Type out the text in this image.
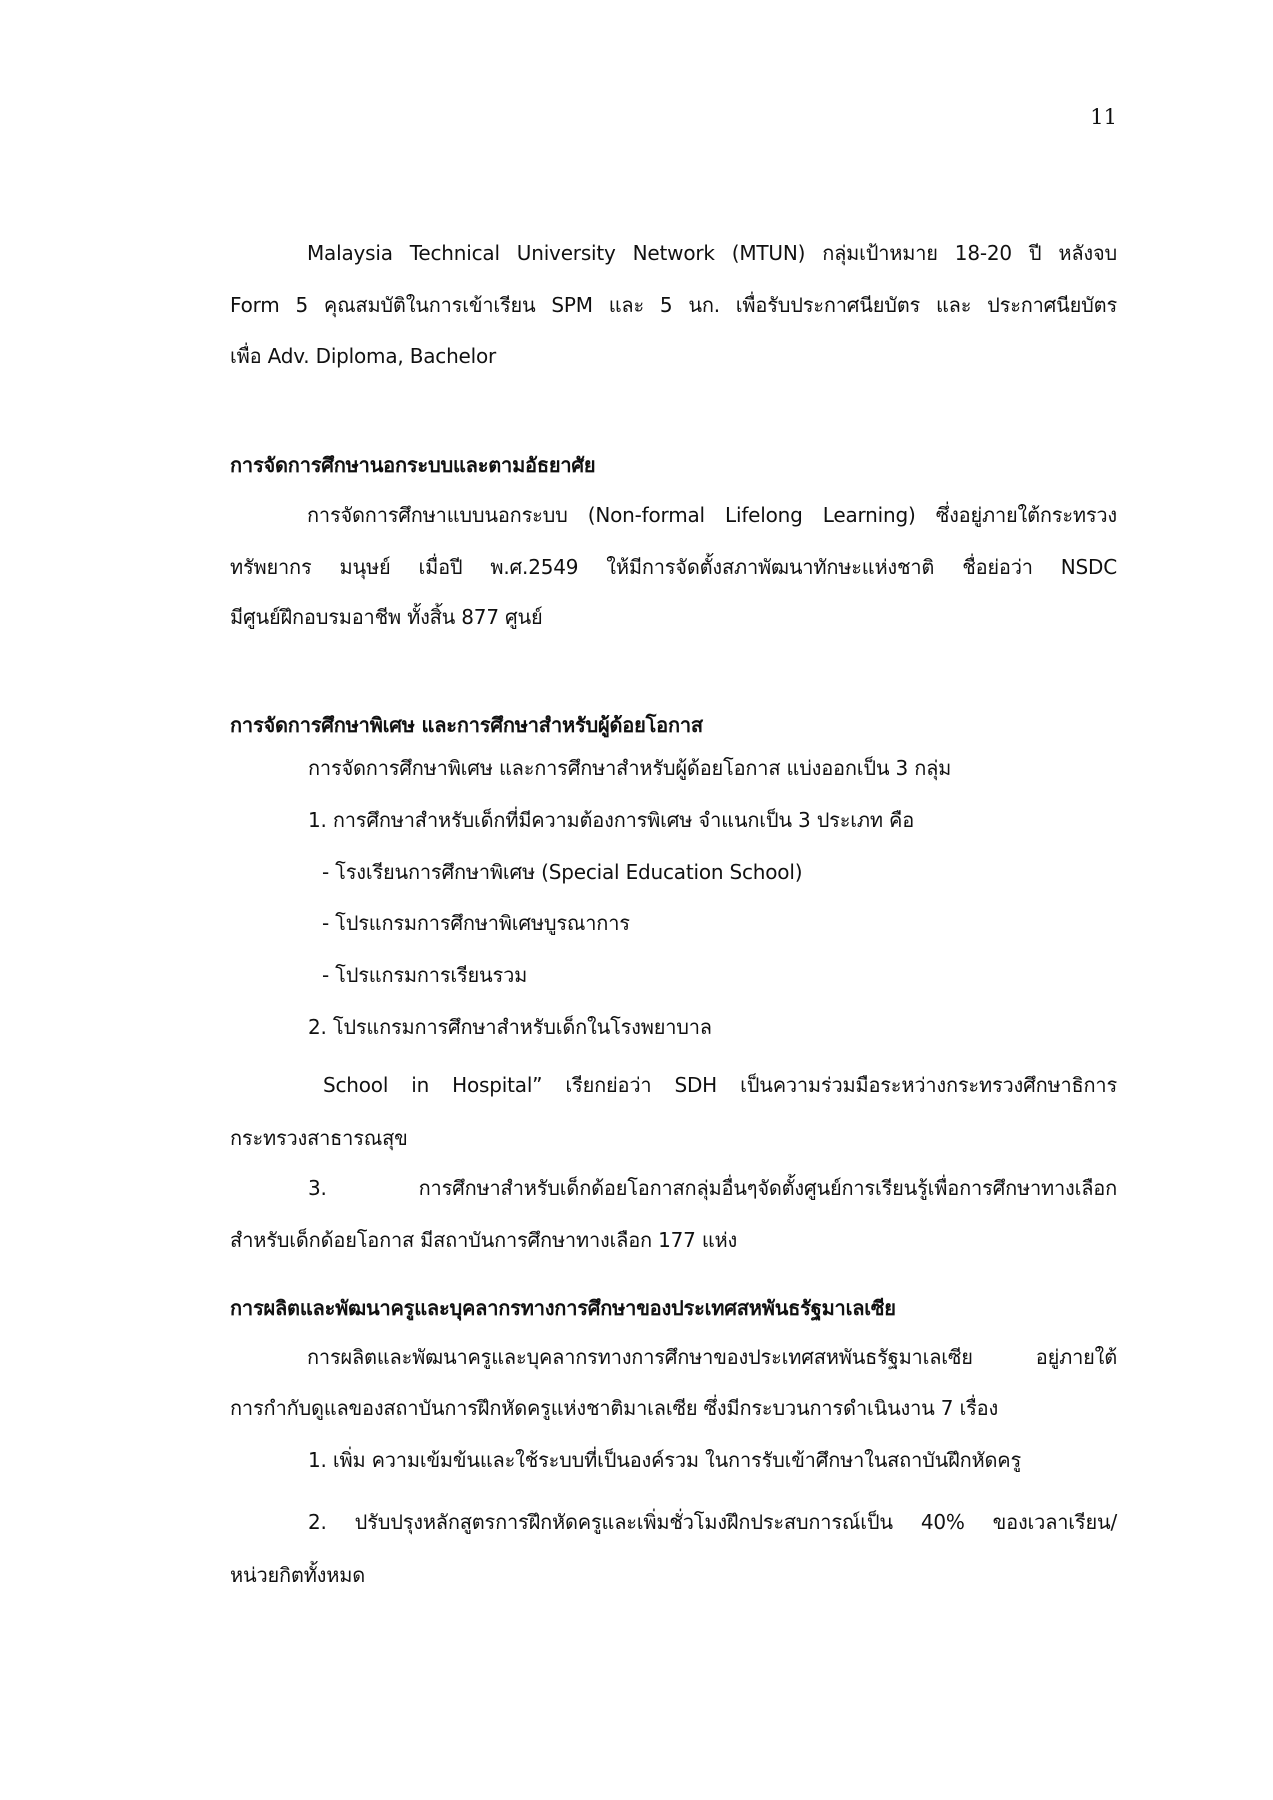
11
Malaysia Technical University Network (MTUN) กลุ่มเป้าหมาย 18-20 ปี หลังจบ
Form 5 คุณสมบัติในการเข้าเรียน SPM และ 5 นก. เพื่อรับประกาศนียบัตร และ ประกาศนียบัตร
เพื่อ Adv. Diploma, Bachelor
การจัดการศึกษานอกระบบและตามอัธยาศัย
การจัดการศึกษาแบบนอกระบบ (Non-formal Lifelong Learning) ซึ่งอยู่ภายใต้กระทรวง
ทรัพยากร มนุษย์ เมื่อปี พ.ศ.2549 ให้มีการจัดตั้งสภาพัฒนาทักษะแห่งชาติ ชื่อย่อว่า NSDC
มีศูนย์ฝึกอบรมอาชีพ ทั้งสิ้น 877 ศูนย์
การจัดการศึกษาพิเศษ และการศึกษาสำหรับผู้ด้อยโอกาส
การจัดการศึกษาพิเศษ และการศึกษาสำหรับผู้ด้อยโอกาส แบ่งออกเป็น 3 กลุ่ม
1. การศึกษาสำหรับเด็กที่มีความต้องการพิเศษ จำแนกเป็น 3 ประเภท คือ
- โรงเรียนการศึกษาพิเศษ (Special Education School)
- โปรแกรมการศึกษาพิเศษบูรณาการ
- โปรแกรมการเรียนรวม
2. โปรแกรมการศึกษาสำหรับเด็กในโรงพยาบาล
School in Hospital” เรียกย่อว่า SDH เป็นความร่วมมือระหว่างกระทรวงศึกษาธิการ
กระทรวงสาธารณสุข
3. การศึกษาสำหรับเด็กด้อยโอกาสกลุ่มอื่นๆจัดตั้งศูนย์การเรียนรู้เพื่อการศึกษาทางเลือก
สำหรับเด็กด้อยโอกาส มีสถาบันการศึกษาทางเลือก 177 แห่ง
การผลิตและพัฒนาครูและบุคลากรทางการศึกษาของประเทศสหพันธรัฐมาเลเซีย
การผลิตและพัฒนาครูและบุคลากรทางการศึกษาของประเทศสหพันธรัฐมาเลเซีย อยู่ภายใต้
การกำกับดูแลของสถาบันการฝึกหัดครูแห่งชาติมาเลเซีย ซึ่งมีกระบวนการดำเนินงาน 7 เรื่อง
1. เพิ่ม ความเข้มข้นและใช้ระบบที่เป็นองค์รวม ในการรับเข้าศึกษาในสถาบันฝึกหัดครู
2. ปรับปรุงหลักสูตรการฝึกหัดครูและเพิ่มชั่วโมงฝึกประสบการณ์เป็น 40% ของเวลาเรียน/
หน่วยกิตทั้งหมด
